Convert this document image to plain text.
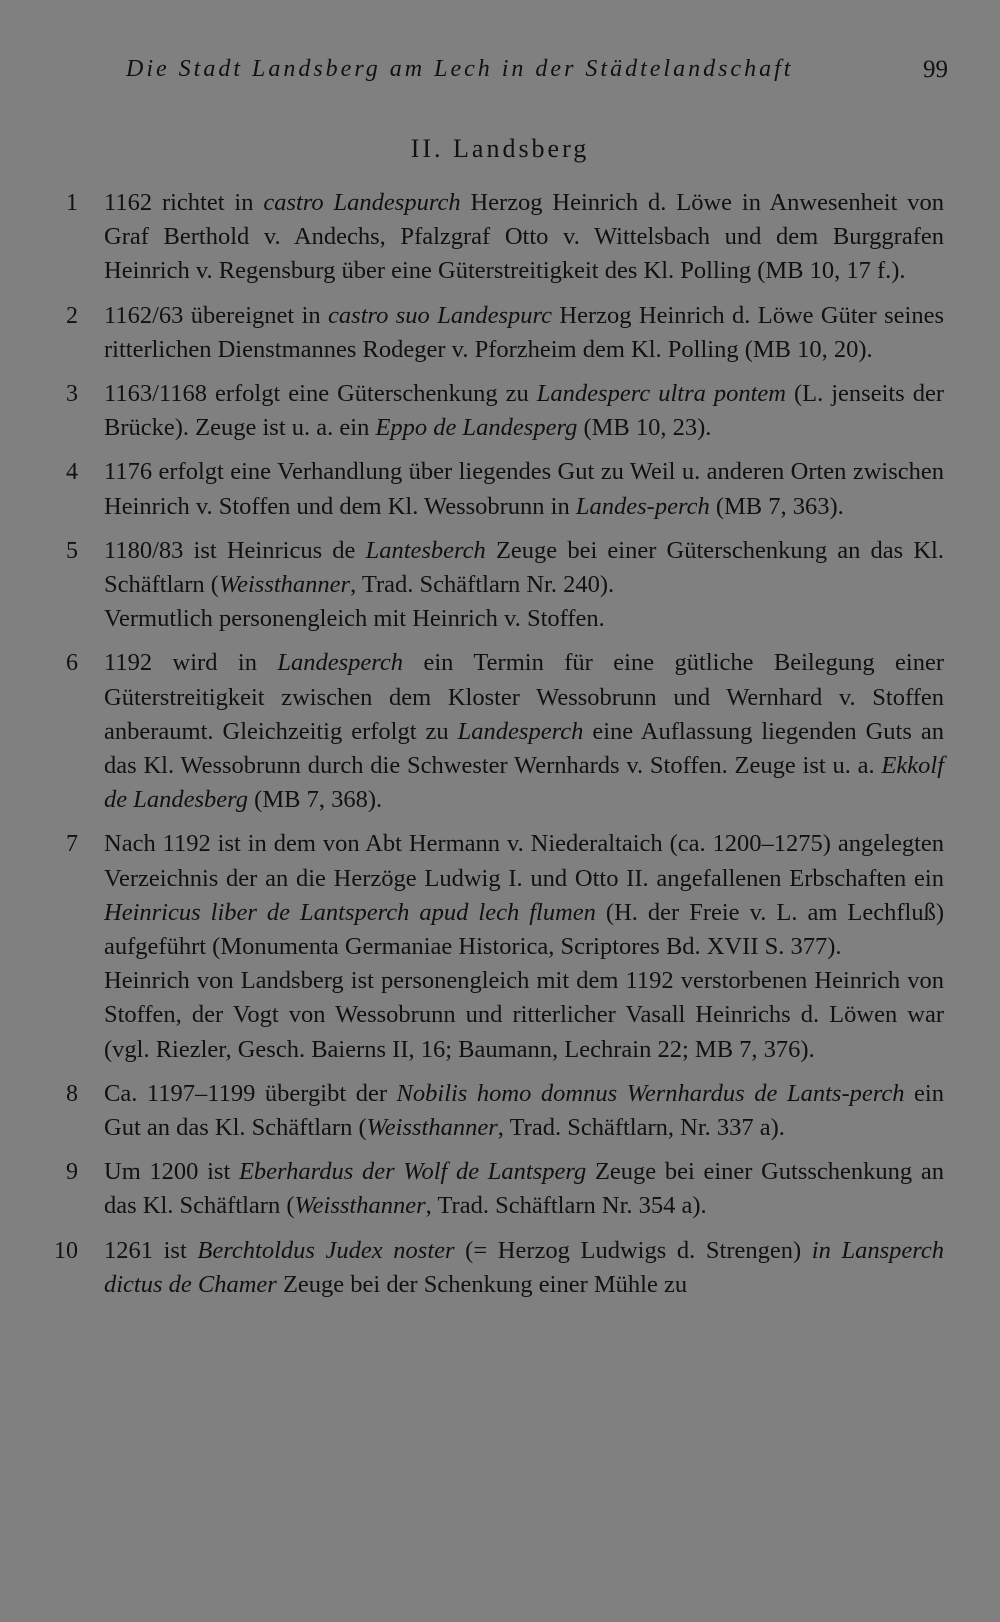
Die Stadt Landsberg am Lech in der Städtelandschaft	99
II. Landsberg
1 1162 richtet in castro Landespurch Herzog Heinrich d. Löwe in Anwesenheit von Graf Berthold v. Andechs, Pfalzgraf Otto v. Wittelsbach und dem Burggrafen Heinrich v. Regensburg über eine Güterstreitigkeit des Kl. Polling (MB 10, 17 f.).
2 1162/63 übereignet in castro suo Landespurc Herzog Heinrich d. Löwe Güter seines ritterlichen Dienstmannes Rodeger v. Pforzheim dem Kl. Polling (MB 10, 20).
3 1163/1168 erfolgt eine Güterschenkung zu Landesperc ultra pontem (L. jenseits der Brücke). Zeuge ist u. a. ein Eppo de Landesperg (MB 10, 23).
4 1176 erfolgt eine Verhandlung über liegendes Gut zu Weil u. anderen Orten zwischen Heinrich v. Stoffen und dem Kl. Wessobrunn in Landes-perch (MB 7, 363).
5 1180/83 ist Heinricus de Lantesberch Zeuge bei einer Güterschenkung an das Kl. Schäftlarn (Weissthanner, Trad. Schäftlarn Nr. 240).
Vermutlich personengleich mit Heinrich v. Stoffen.
6 1192 wird in Landesperch ein Termin für eine gütliche Beilegung einer Güterstreitigkeit zwischen dem Kloster Wessobrunn und Wernhard v. Stoffen anberaumt. Gleichzeitig erfolgt zu Landesperch eine Auflassung liegenden Guts an das Kl. Wessobrunn durch die Schwester Wernhards v. Stoffen. Zeuge ist u. a. Ekkolf de Landesberg (MB 7, 368).
7 Nach 1192 ist in dem von Abt Hermann v. Niederaltaich (ca. 1200–1275) angelegten Verzeichnis der an die Herzöge Ludwig I. und Otto II. angefallenen Erbschaften ein Heinricus liber de Lantsperch apud lech flumen (H. der Freie v. L. am Lechfluß) aufgeführt (Monumenta Germaniae Historica, Scriptores Bd. XVII S. 377).
Heinrich von Landsberg ist personengleich mit dem 1192 verstorbenen Heinrich von Stoffen, der Vogt von Wessobrunn und ritterlicher Vasall Heinrichs d. Löwen war (vgl. Riezler, Gesch. Baierns II, 16; Baumann, Lechrain 22; MB 7, 376).
8 Ca. 1197–1199 übergibt der Nobilis homo domnus Wernhardus de Lants-perch ein Gut an das Kl. Schäftlarn (Weissthanner, Trad. Schäftlarn, Nr. 337 a).
9 Um 1200 ist Eberhardus der Wolf de Lantsperg Zeuge bei einer Gutsschenkung an das Kl. Schäftlarn (Weissthanner, Trad. Schäftlarn Nr. 354 a).
10 1261 ist Berchtoldus Judex noster (= Herzog Ludwigs d. Strengen) in Lansperch dictus de Chamer Zeuge bei der Schenkung einer Mühle zu
